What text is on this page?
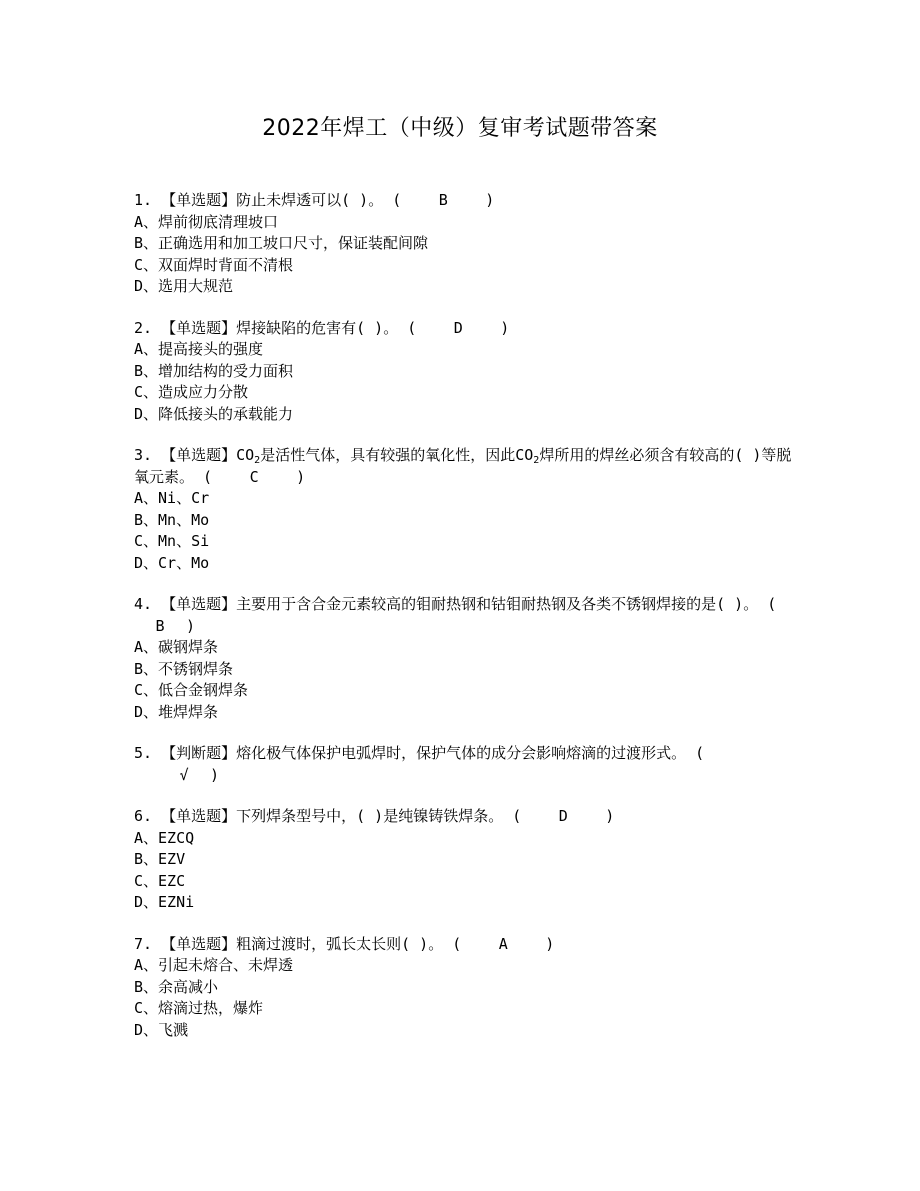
2022年焊工（中级）复审考试题带答案
1. 【单选题】防止未焊透可以( )。 ( B )
A、焊前彻底清理坡口
B、正确选用和加工坡口尺寸，保证装配间隙
C、双面焊时背面不清根
D、选用大规范
2. 【单选题】焊接缺陷的危害有( )。 ( D )
A、提高接头的强度
B、增加结构的受力面积
C、造成应力分散
D、降低接头的承载能力
3. 【单选题】$CO_2$是活性气体，具有较强的氧化性，因此$CO_2$焊所用的焊丝必须含有较高的( )等脱氧元素。 ( C )
A、Ni、Cr
B、Mn、Mo
C、Mn、Si
D、Cr、Mo
4. 【单选题】主要用于含合金元素较高的钼耐热钢和钴钼耐热钢及各类不锈钢焊接的是( )。 (B )
A、碳钢焊条
B、不锈钢焊条
C、低合金钢焊条
D、堆焊焊条
5. 【判断题】熔化极气体保护电弧焊时，保护气体的成分会影响熔滴的过渡形式。 (
√ )
6. 【单选题】下列焊条型号中，( )是纯镍铸铁焊条。 ( D )
A、EZCQ
B、EZV
C、EZC
D、EZNi
7. 【单选题】粗滴过渡时，弧长太长则( )。 ( A )
A、引起未熔合、未焊透
B、余高减小
C、熔滴过热，爆炸
D、飞溅
